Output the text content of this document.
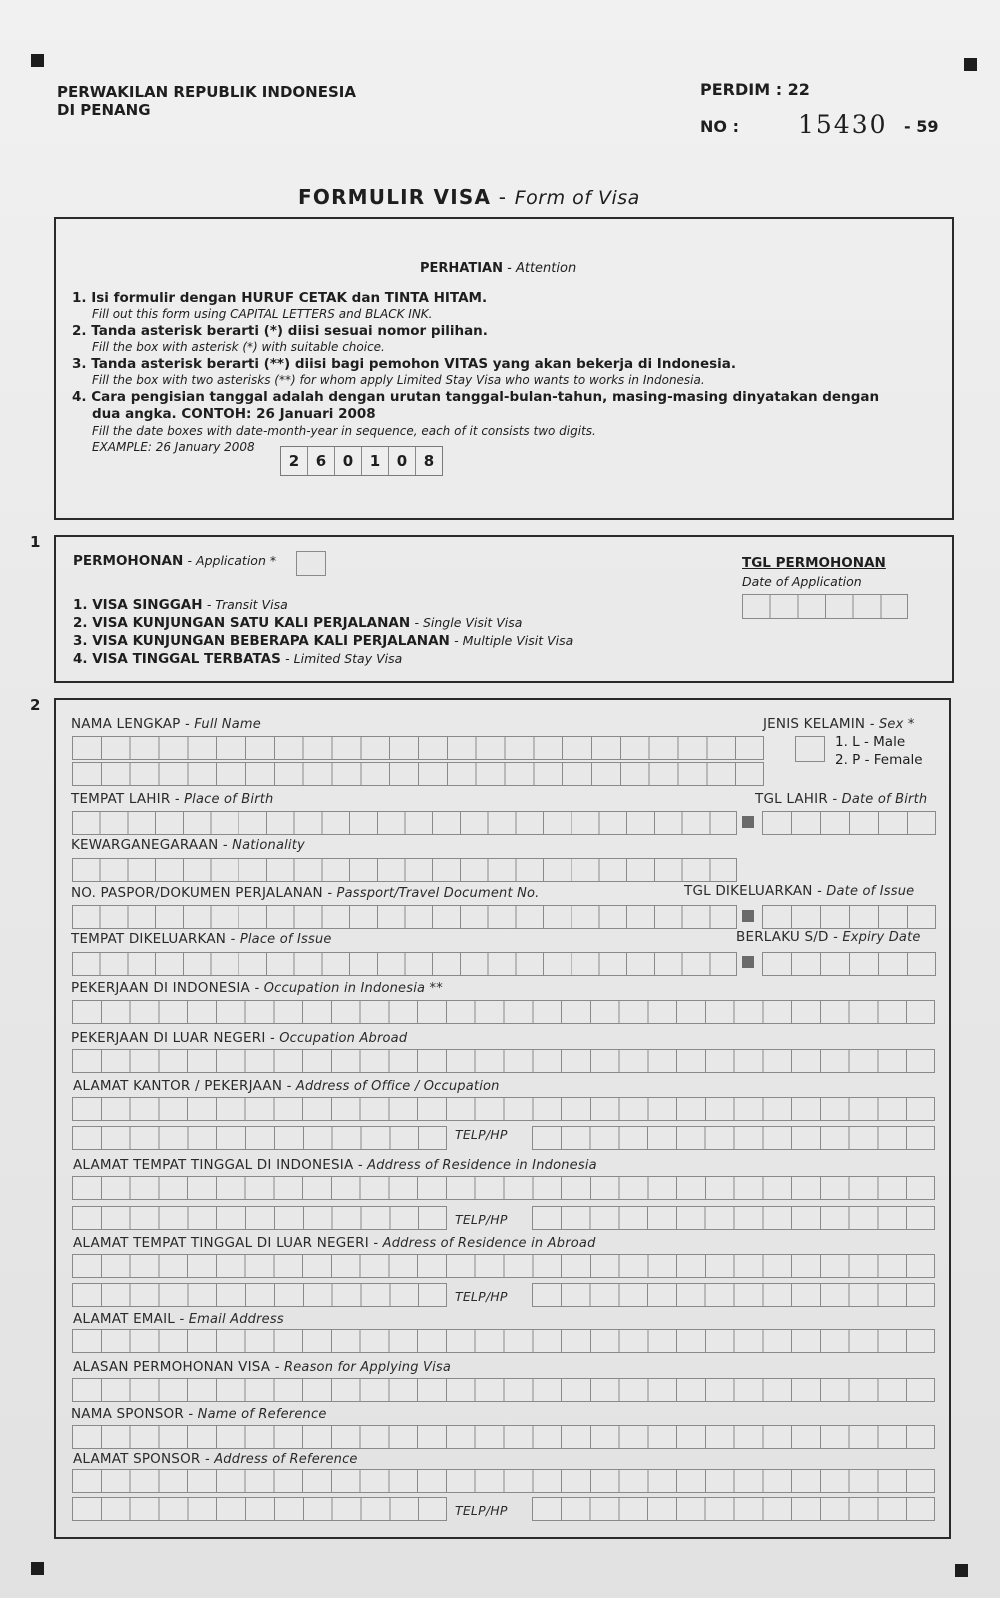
PERWAKILAN REPUBLIK INDONESIA
DI PENANG
PERDIM : 22
NO : 15430 - 59
FORMULIR VISA - Form of Visa
PERHATIAN - Attention
1. Isi formulir dengan HURUF CETAK dan TINTA HITAM.
Fill out this form using CAPITAL LETTERS and BLACK INK.
2. Tanda asterisk berarti (*) diisi sesuai nomor pilihan.
Fill the box with asterisk (*) with suitable choice.
3. Tanda asterisk berarti (**) diisi bagi pemohon VITAS yang akan bekerja di Indonesia.
Fill the box with two asterisks (**) for whom apply Limited Stay Visa who wants to works in Indonesia.
4. Cara pengisian tanggal adalah dengan urutan tanggal-bulan-tahun, masing-masing dinyatakan dengan
dua angka. CONTOH: 26 Januari 2008
Fill the date boxes with date-month-year in sequence, each of it consists two digits.
EXAMPLE: 26 January 2008
2 6 0 1 0 8
1
PERMOHONAN - Application *
1. VISA SINGGAH - Transit Visa
2. VISA KUNJUNGAN SATU KALI PERJALANAN - Single Visit Visa
3. VISA KUNJUNGAN BEBERAPA KALI PERJALANAN - Multiple Visit Visa
4. VISA TINGGAL TERBATAS - Limited Stay Visa
TGL PERMOHONAN
Date of Application
2
NAMA LENGKAP - Full Name	JENIS KELAMIN - Sex *
TEMPAT LAHIR - Place of Birth	TGL LAHIR - Date of Birth
KEWARGANEGARAAN - Nationality
NO. PASPOR/DOKUMEN PERJALANAN - Passport/Travel Document No.	TGL DIKELUARKAN - Date of Issue
TEMPAT DIKELUARKAN - Place of Issue	BERLAKU S/D - Expiry Date
PEKERJAAN DI INDONESIA - Occupation in Indonesia **
PEKERJAAN DI LUAR NEGERI - Occupation Abroad
ALAMAT KANTOR / PEKERJAAN - Address of Office / Occupation
ALAMAT TEMPAT TINGGAL DI INDONESIA - Address of Residence in Indonesia
ALAMAT TEMPAT TINGGAL DI LUAR NEGERI - Address of Residence in Abroad
ALAMAT EMAIL - Email Address
ALASAN PERMOHONAN VISA - Reason for Applying Visa
NAMA SPONSOR - Name of Reference
ALAMAT SPONSOR - Address of Reference
1. L - Male
2. P - Female
TELP/HP
TELP/HP
TELP/HP
TELP/HP
